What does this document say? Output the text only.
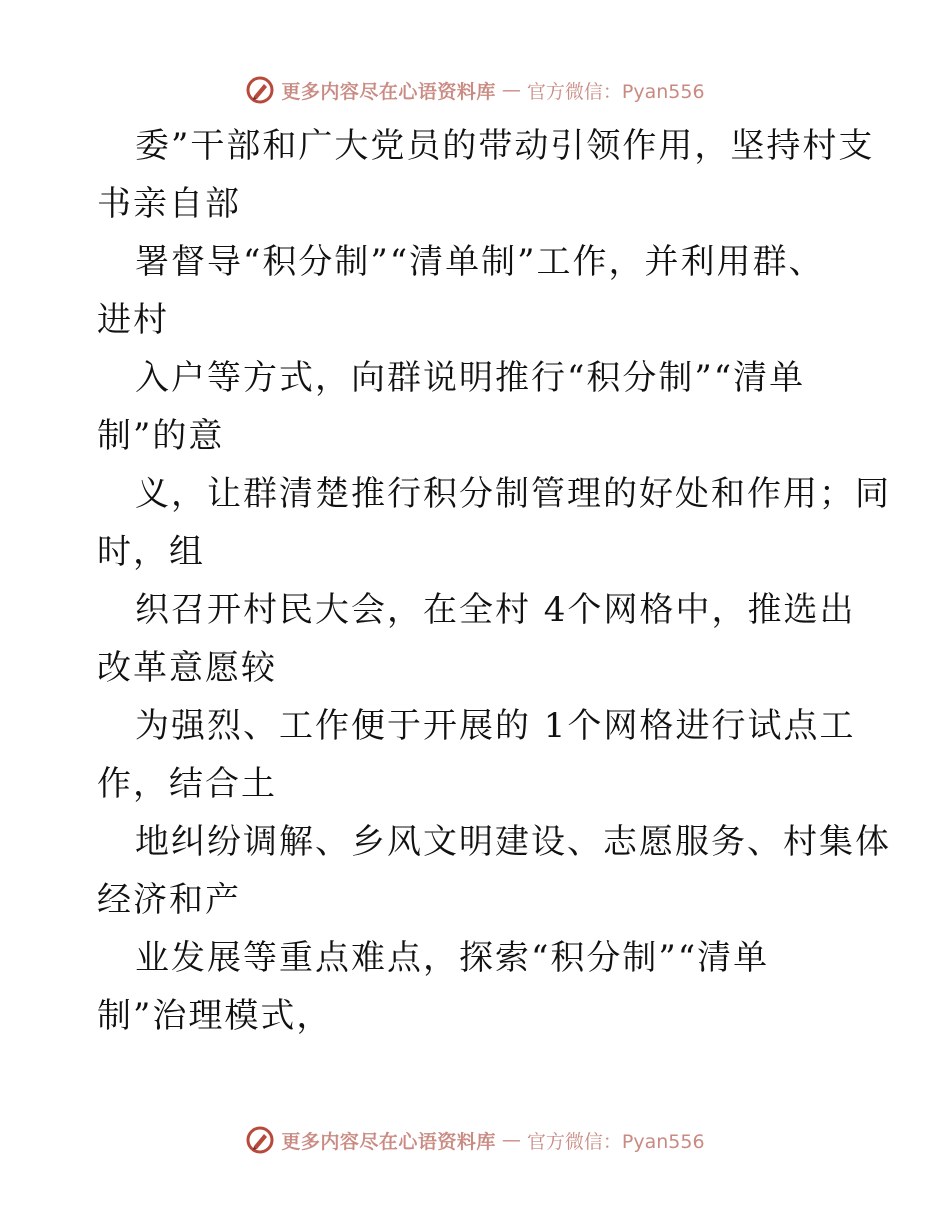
更多内容尽在心语资料库 — 官方微信：Pyan556
委”干部和广大党员的带动引领作用，坚持村支
书亲自部
署督导“积分制”“清单制”工作，并利用群、
进村
入户等方式，向群说明推行“积分制”“清单
制”的意
义，让群清楚推行积分制管理的好处和作用；同
时，组
织召开村民大会，在全村 4个网格中，推选出
改革意愿较
为强烈、工作便于开展的 1个网格进行试点工
作，结合土
地纠纷调解、乡风文明建设、志愿服务、村集体
经济和产
业发展等重点难点，探索“积分制”“清单
制”治理模式，
更多内容尽在心语资料库 — 官方微信：Pyan556
